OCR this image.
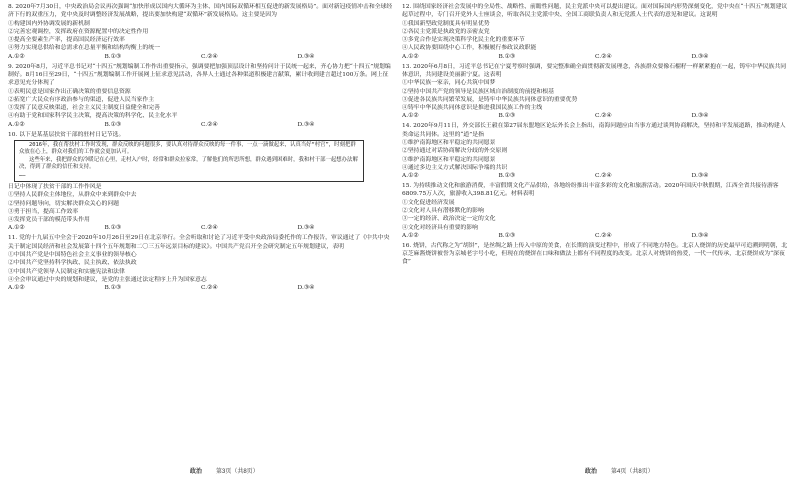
8. 2020年7月30日，中央政治局会议再次强调“加快形成以国内大循环为主体、国内国际双循环相互促进的新发展格局”。面对新冠疫情冲击和全球经济下行的双重压力，党中央及时调整经济发展战略，提出要加快构建“双循环”新发展格局。这主要是因为

①构建国内外协调发展的新机制

②完善宏观调控，发挥政府在资源配置中的决定性作用

③提高全要素生产率，提高国民经济运行效率

④努力实现总供给和总需求在总量平衡和结构均衡上的统一

A.①②	B.①③	C.②④	D.③④

9. 2020年8月，习近平总书记对“十四五”规划编制工作作出重要指示，强调要把加强顶层设计和坚持问计于民统一起来，齐心协力把“十四五”规划编制好。8月16日至29日，“十四五”规划编制工作开展网上征求意见活动，各界人士通过各种渠道积极建言献策，累计收到建言超过100万条。网上征求意见充分体现了

①表明民意是国家作出正确决策的重要信息资源

②拓宽广大民众有序政治参与的渠道，促进人民当家作主

③发挥了民意反映渠道，社会主义民主制度日益健全和完善

④有助于党和国家科学民主决策，提高决策的科学化、民主化水平

A.①②	B.①③	C.②④	D.③④

10. 以下是某基层扶贫干部的驻村日记节选。

2016年，我在帮扶村工作时发现，群众反映的问题很多，要认真对待群众反映的每一件事，一点一滴做起来，认真当好“村官”，时刻把群众放在心上，群众对我们的工作就会更加认可。

这些年来，我把群众的冷暖记在心里，走村入户时，经常和群众拉家常，了解他们的所思所想，群众遇到困难时，我和村干部一起想办法解决，得到了群众的信任和支持。

……

日记中体现了扶贫干部的工作作风是

①坚持人民群众主体地位，从群众中来到群众中去

②坚持问题导向，切实解决群众关心的问题

③勇于担当，提高工作效率

④发挥党员干部的模范带头作用

A.①②	B.①③	C.②④	D.③④

11. 党的十九届五中全会于2020年10月26日至29日在北京举行。全会听取和讨论了习近平受中央政治局委托作的工作报告，审议通过了《中共中央关于制定国民经济和社会发展第十四个五年规划和二〇三五年远景目标的建议》。中国共产党召开全会研究制定五年规划建议，表明

①中国共产党是中国特色社会主义事业的领导核心

②中国共产党坚持科学执政、民主执政、依法执政

③中国共产党领导人民制定和实施宪法和法律

④全会审议通过中央的规划和建议，是党的主张通过法定程序上升为国家意志

A.①②	B.①③	C.②④	D.③④

12. 围绕国家经济社会发展中的全局性、战略性、前瞻性问题，民主党派中央可以提出建议。面对国际国内形势深刻变化，党中央在“十四五”规划建议起草过程中，专门召开党外人士座谈会，听取各民主党派中央、全国工商联负责人和无党派人士代表的意见和建议。这说明

①我国新型政党制度具有明显优势

②各民主党派是执政党的亲密友党

③多党合作是实现决策科学化民主化的重要环节

④人民政协要围绕中心工作，积极履行参政议政职能

A.①②	B.①③	C.②④	D.③④

13. 2020年6月8日，习近平总书记在宁夏考察时强调，要完整准确全面贯彻新发展理念，各族群众要像石榴籽一样紧紧抱在一起，铸牢中华民族共同体意识，共同建设美丽新宁夏。这表明

①中华民族一家亲，同心共筑中国梦

②坚持中国共产党的领导是民族区域自治制度的前提和根基

③促进各民族共同繁荣发展，是铸牢中华民族共同体意识的重要优势

④铸牢中华民族共同体意识是推进我国民族工作的主线

A.①②	B.①③	C.②④	D.③④

14. 2020年9月11日，外交部长王毅在第27届东盟地区论坛外长会上指出，南海问题应由当事方通过谈判协商解决，坚持和平发展道路，推动构建人类命运共同体。这里的“道”是指

①维护南海地区和平稳定的共同愿景

②坚持通过对话协商解决分歧的外交原则

③维护南海地区和平稳定的共同愿景

④通过多边主义方式解决国际争端的共识

A.①②	B.①③	C.②④	D.③④

15. 为持续推动文化和旅游消费，丰富假期文化产品供给，各地纷纷推出丰富多彩的文化和旅游活动。2020年国庆中秋假期，江西全省共接待游客6809.75万人次，旅游收入398.81亿元。材料表明

①文化促进经济发展

②文化对人具有潜移默化的影响

③一定的经济、政治决定一定的文化

④文化对经济具有重要的影响

A.①②	B.①③	C.②④	D.③④

16. 烧饼，古代称之为“胡饼”，是丝绸之路上传入中原的美食，在长期的演变过程中，形成了不同地方特色。北京人烧饼的历史最早可追溯到明朝，北京芝麻酱烧饼被誉为京城老字号小吃，但现在的烧饼在口味和做法上都有不同程度的改变。北京人对烧饼的热爱，一代一代传承，北京烧饼成为“深夜食”

政治 第3页（共8页）	政治 第4页（共8页）
